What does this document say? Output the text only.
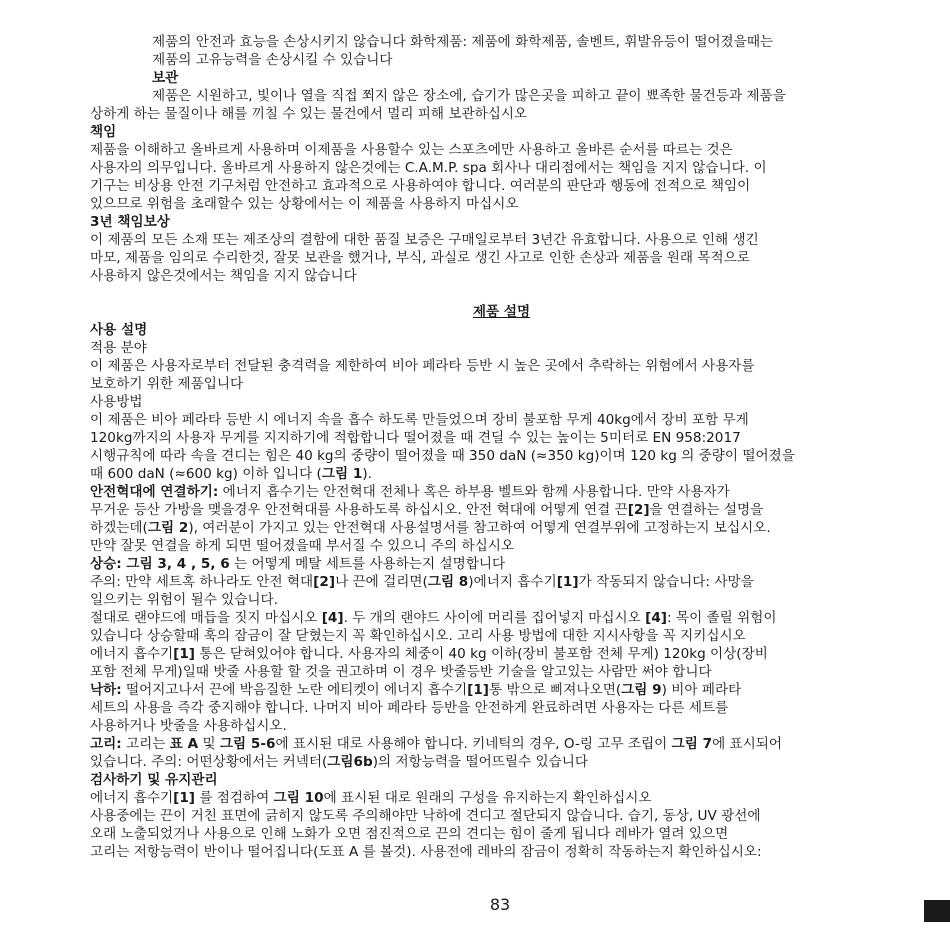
제품의 안전과 효능을 손상시키지 않습니다 화학제품: 제품에 화학제품, 솔벤트, 휘발유등이 떨어졌을때는

제품의 고유능력을 손상시킬 수 있습니다

보관

제품은 시원하고, 빛이나 열을 직접 쬐지 않은 장소에, 습기가 많은곳을 피하고 끝이 뾰족한 물건등과 제품을

상하게 하는 물질이나 해를 끼칠 수 있는 물건에서 멀리 피해 보관하십시오

책임

제품을 이해하고 올바르게 사용하며 이제품을 사용할수 있는 스포츠에만 사용하고 올바른 순서를 따르는 것은

사용자의 의무입니다. 올바르게 사용하지 않은것에는 C.A.M.P. spa 회사나 대리점에서는 책임을 지지 않습니다. 이

기구는 비상용 안전 기구처럼 안전하고 효과적으로 사용하여야 합니다. 여러분의 판단과 행동에 전적으로 책임이

있으므로 위험을 초래할수 있는 상황에서는 이 제품을 사용하지 마십시오

3년 책임보상

이 제품의 모든 소재 또는 제조상의 결함에 대한 품질 보증은 구매일로부터 3년간 유효합니다. 사용으로 인해 생긴

마모, 제품을 임의로 수리한것, 잘못 보관을 했거나, 부식, 과실로 생긴 사고로 인한 손상과 제품을 원래 목적으로

사용하지 않은것에서는 책임을 지지 않습니다

제품 설명

사용 설명

적용 분야

이 제품은 사용자로부터 전달된 충격력을 제한하여 비아 페라타 등반 시 높은 곳에서 추락하는 위험에서 사용자를

보호하기 위한 제품입니다

사용방법

이 제품은 비아 페라타 등반 시 에너지 속을 흡수 하도록 만들었으며 장비 불포함 무게 40kg에서 장비 포함 무게

120kg까지의 사용자 무게를 지지하기에 적합합니다 떨어졌을 때 견딜 수 있는 높이는 5미터로 EN 958:2017

시행규칙에 따라 속을 견디는 힘은 40 kg의 중량이 떨어졌을 때 350 daN (≈350 kg)이며 120 kg 의 중량이 떨어졌을

때 600 daN (≈600 kg) 이하 입니다 (그림 1).

안전혁대에 연결하기: 에너지 흡수기는 안전혁대 전체나 혹은 하부용 벨트와 함께 사용합니다. 만약 사용자가

무거운 등산 가방을 맺을경우 안전혁대를 사용하도록 하십시오. 안전 혁대에 어떻게 연결 끈[2]을 연결하는 설명을

하겠는데(그림 2), 여러분이 가지고 있는 안전혁대 사용설명서를 참고하여 어떻게 연결부위에 고정하는지 보십시오.

만약 잘못 연결을 하게 되면 떨어졌을때 부서질 수 있으니 주의 하십시오

상승: 그림 3, 4 , 5, 6 는 어떻게 메탈 세트를 사용하는지 설명합니다

주의: 만약 세트혹 하나라도 안전 혁대[2]나 끈에 걸리면(그림 8)에너지 흡수기[1]가 작동되지 않습니다: 사망을

일으키는 위험이 될수 있습니다.

절대로 랜야드에 매듭을 짓지 마십시오 [4]. 두 개의 랜야드 사이에 머리를 집어넣지 마십시오 [4]: 목이 졸릴 위험이

있습니다 상승할때 훅의 잠금이 잘 닫혔는지 꼭 확인하십시오. 고리 사용 방법에 대한 지시사항을 꼭 지키십시오

에너지 흡수기[1] 통은 닫혀있어야 합니다. 사용자의 체중이 40 kg 이하(장비 불포함 전체 무게) 120kg 이상(장비

포함 전체 무게)일때 밧줄 사용할 할 것을 권고하며 이 경우 밧줄등반 기술을 알고있는 사람만 써야 합니다

낙하: 떨어지고나서 끈에 박음질한 노란 에티켓이 에너지 흡수기[1]통 밖으로 삐져나오면(그림 9) 비아 페라타

세트의 사용을 즉각 중지해야 합니다. 나머지 비아 페라타 등반을 안전하게 완료하려면 사용자는 다른 세트를

사용하거나 밧줄을 사용하십시오.

고리: 고리는 표 A 및 그림 5-6에 표시된 대로 사용해야 합니다. 키네틱의 경우, O-링 고무 조립이 그림 7에 표시되어

있습니다. 주의: 어떤상황에서는 커넥터(그림6b)의 저항능력을 떨어뜨릴수 있습니다

검사하기 및 유지관리

에너지 흡수기[1] 를 점검하여 그림 10에 표시된 대로 원래의 구성을 유지하는지 확인하십시오

사용중에는 끈이 거친 표면에 긁히지 않도록 주의해야만 낙하에 견디고 절단되지 않습니다. 습기, 동상, UV 광선에

오래 노출되었거나 사용으로 인해 노화가 오면 점진적으로 끈의 견디는 힘이 줄게 됩니다 레바가 열려 있으면

고리는 저항능력이 반이나 떨어집니다(도표 A 를 볼것). 사용전에 레바의 잠금이 정확히 작동하는지 확인하십시오:

83
